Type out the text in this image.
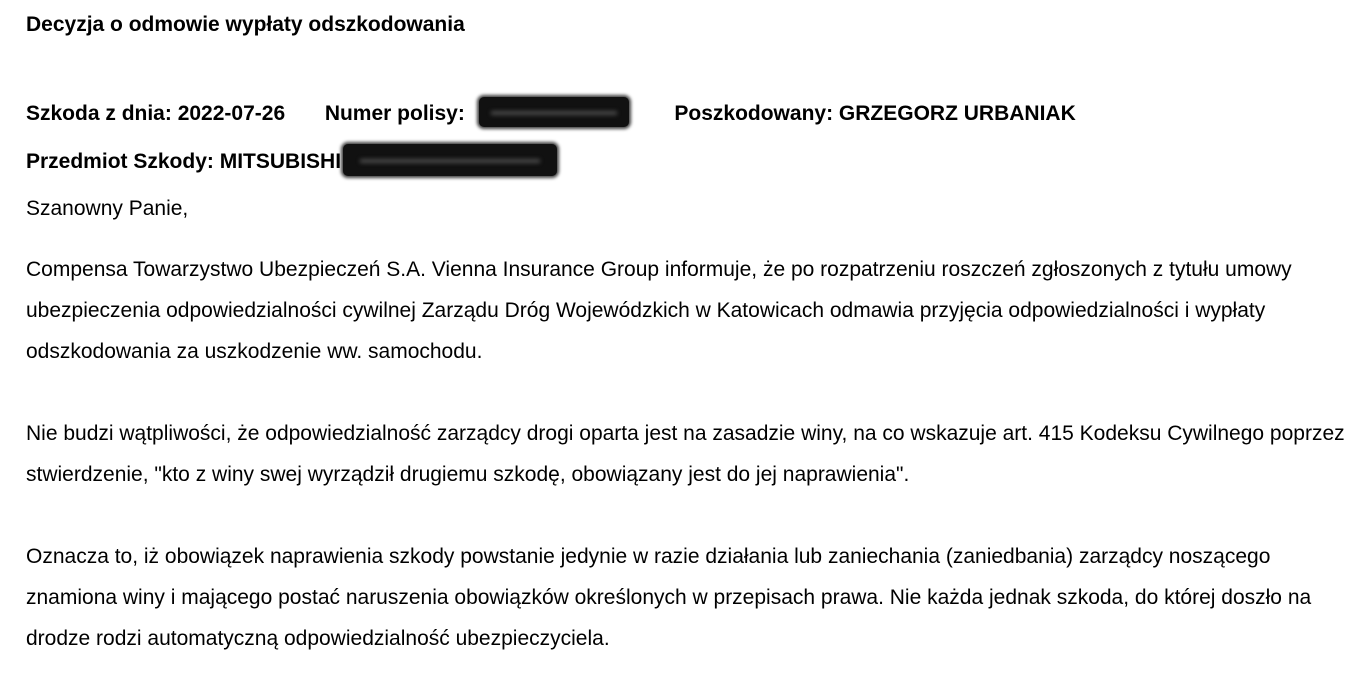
Decyzja o odmowie wypłaty odszkodowania
Szkoda z dnia: 2022-07-26 Numer polisy:	Poszkodowany: GRZEGORZ URBANIAK
Przedmiot Szkody: MITSUBISHI
Szanowny Panie,

Compensa Towarzystwo Ubezpieczeń S.A. Vienna Insurance Group informuje, że po rozpatrzeniu roszczeń zgłoszonych z tytułu umowy ubezpieczenia odpowiedzialności cywilnej Zarządu Dróg Wojewódzkich w Katowicach odmawia przyjęcia odpowiedzialności i wypłaty odszkodowania za uszkodzenie ww. samochodu.

Nie budzi wątpliwości, że odpowiedzialność zarządcy drogi oparta jest na zasadzie winy, na co wskazuje art. 415 Kodeksu Cywilnego poprzez stwierdzenie, "kto z winy swej wyrządził drugiemu szkodę, obowiązany jest do jej naprawienia".

Oznacza to, iż obowiązek naprawienia szkody powstanie jedynie w razie działania lub zaniechania (zaniedbania) zarządcy noszącego znamiona winy i mającego postać naruszenia obowiązków określonych w przepisach prawa. Nie każda jednak szkoda, do której doszło na drodze rodzi automatyczną odpowiedzialność ubezpieczyciela.
